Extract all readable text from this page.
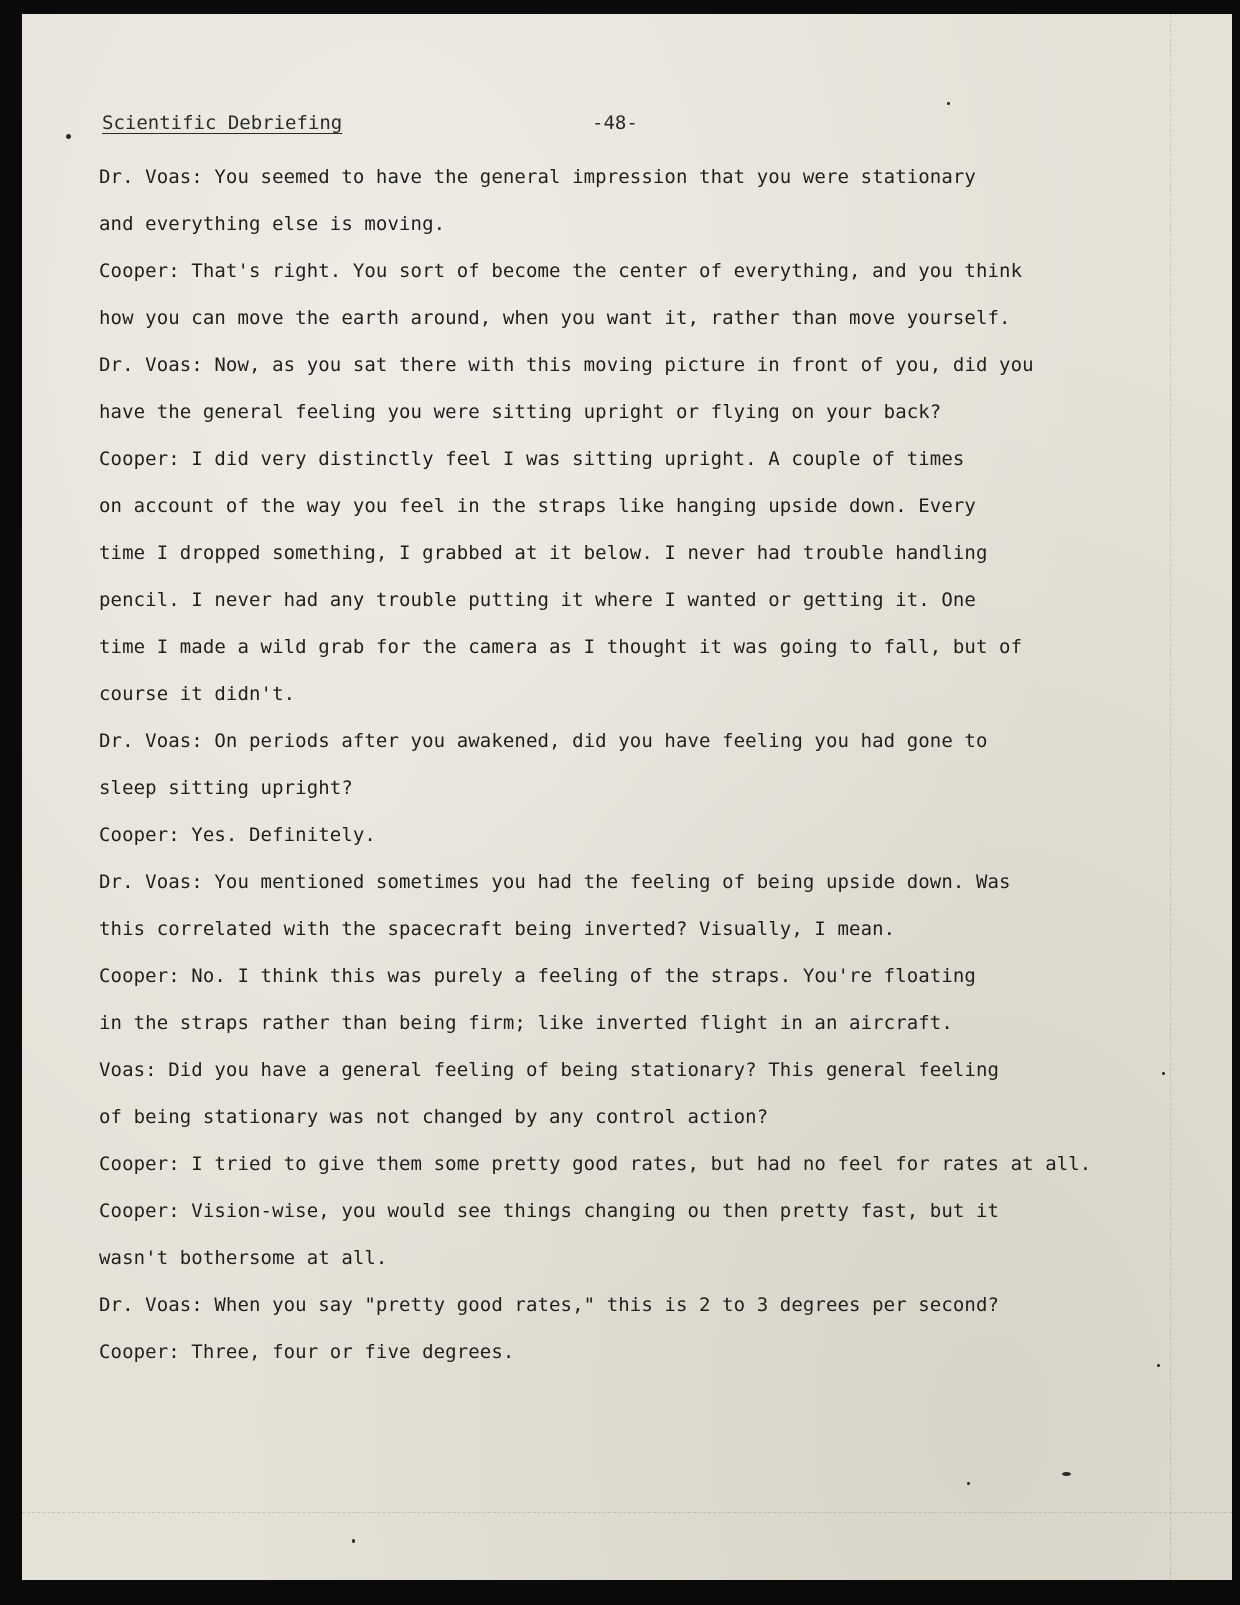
Scientific Debriefing	-48-
Dr. Voas: You seemed to have the general impression that you were stationary
and everything else is moving.
Cooper: That's right. You sort of become the center of everything, and you think
how you can move the earth around, when you want it, rather than move yourself.
Dr. Voas: Now, as you sat there with this moving picture in front of you, did you
have the general feeling you were sitting upright or flying on your back?
Cooper: I did very distinctly feel I was sitting upright. A couple of times
on account of the way you feel in the straps like hanging upside down. Every
time I dropped something, I grabbed at it below. I never had trouble handling
pencil. I never had any trouble putting it where I wanted or getting it. One
time I made a wild grab for the camera as I thought it was going to fall, but of
course it didn't.
Dr. Voas: On periods after you awakened, did you have feeling you had gone to
sleep sitting upright?
Cooper: Yes. Definitely.
Dr. Voas: You mentioned sometimes you had the feeling of being upside down. Was
this correlated with the spacecraft being inverted? Visually, I mean.
Cooper: No. I think this was purely a feeling of the straps. You're floating
in the straps rather than being firm; like inverted flight in an aircraft.
Voas: Did you have a general feeling of being stationary? This general feeling
of being stationary was not changed by any control action?
Cooper: I tried to give them some pretty good rates, but had no feel for rates at all.
Cooper: Vision-wise, you would see things changing ou then pretty fast, but it
wasn't bothersome at all.
Dr. Voas: When you say "pretty good rates," this is 2 to 3 degrees per second?
Cooper: Three, four or five degrees.
